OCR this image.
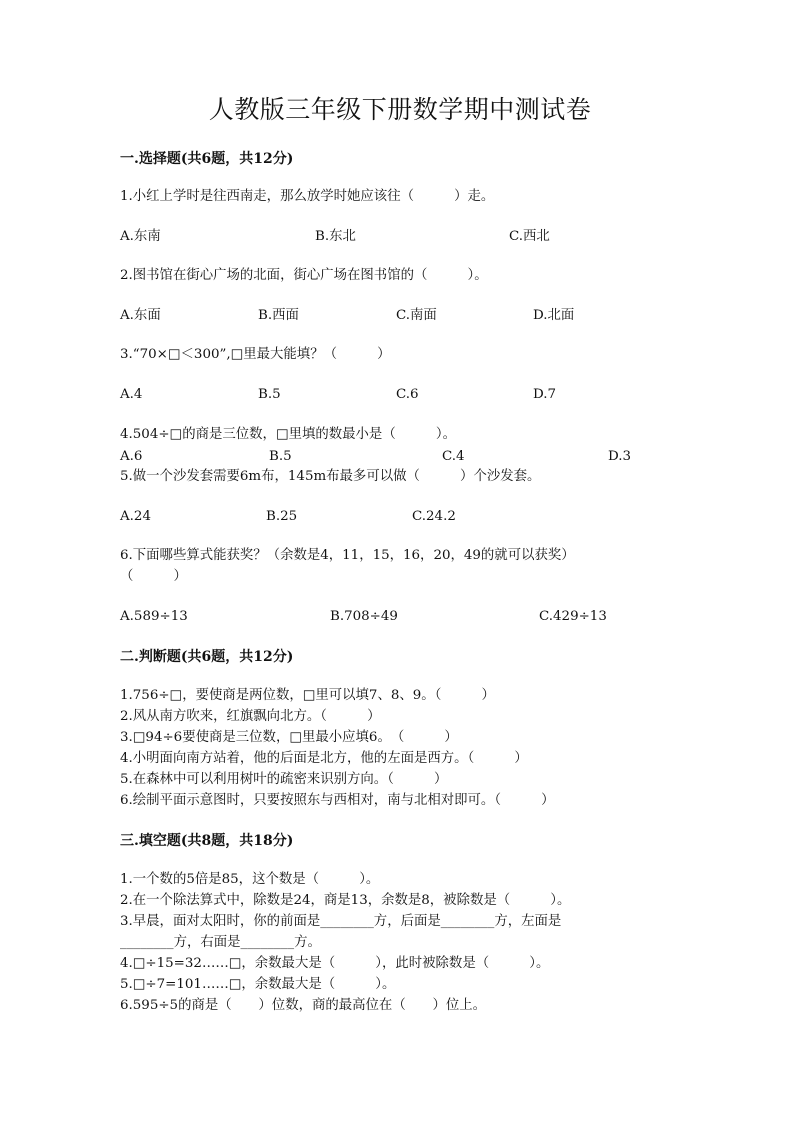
人教版三年级下册数学期中测试卷
一.选择题(共6题，共12分)
1.小红上学时是往西南走，那么放学时她应该往（　　　）走。
A.东南	B.东北	C.西北
2.图书馆在街心广场的北面，街心广场在图书馆的（　　　）。
A.东面	B.西面	C.南面	D.北面
3.“70×□＜300”,□里最大能填？（　　　）
A.4	B.5	C.6	D.7
4.504÷□的商是三位数，□里填的数最小是（　　　）。
A.6	B.5	C.4	D.3
5.做一个沙发套需要6m布，145m布最多可以做（　　　）个沙发套。
A.24	B.25	C.24.2
6.下面哪些算式能获奖？（余数是4，11，15，16，20，49的就可以获奖）
（　　　）
A.589÷13	B.708÷49	C.429÷13
二.判断题(共6题，共12分)
1.756÷□，要使商是两位数，□里可以填7、8、9。（　　　）
2.风从南方吹来，红旗飘向北方。（　　　）
3.□94÷6要使商是三位数，□里最小应填6。　（　　　）
4.小明面向南方站着，他的后面是北方，他的左面是西方。（　　　）
5.在森林中可以利用树叶的疏密来识别方向。（　　　）
6.绘制平面示意图时，只要按照东与西相对，南与北相对即可。（　　　）
三.填空题(共8题，共18分)
1.一个数的5倍是85，这个数是（　　　）。
2.在一个除法算式中，除数是24，商是13，余数是8，被除数是（　　　）。
3.早晨，面对太阳时，你的前面是________方，后面是________方，左面是
________方，右面是________方。
4.□÷15=32……□，余数最大是（　　　），此时被除数是（　　　）。
5.□÷7=101……□，余数最大是（　　　）。
6.595÷5的商是（　　）位数，商的最高位在（　　）位上。
